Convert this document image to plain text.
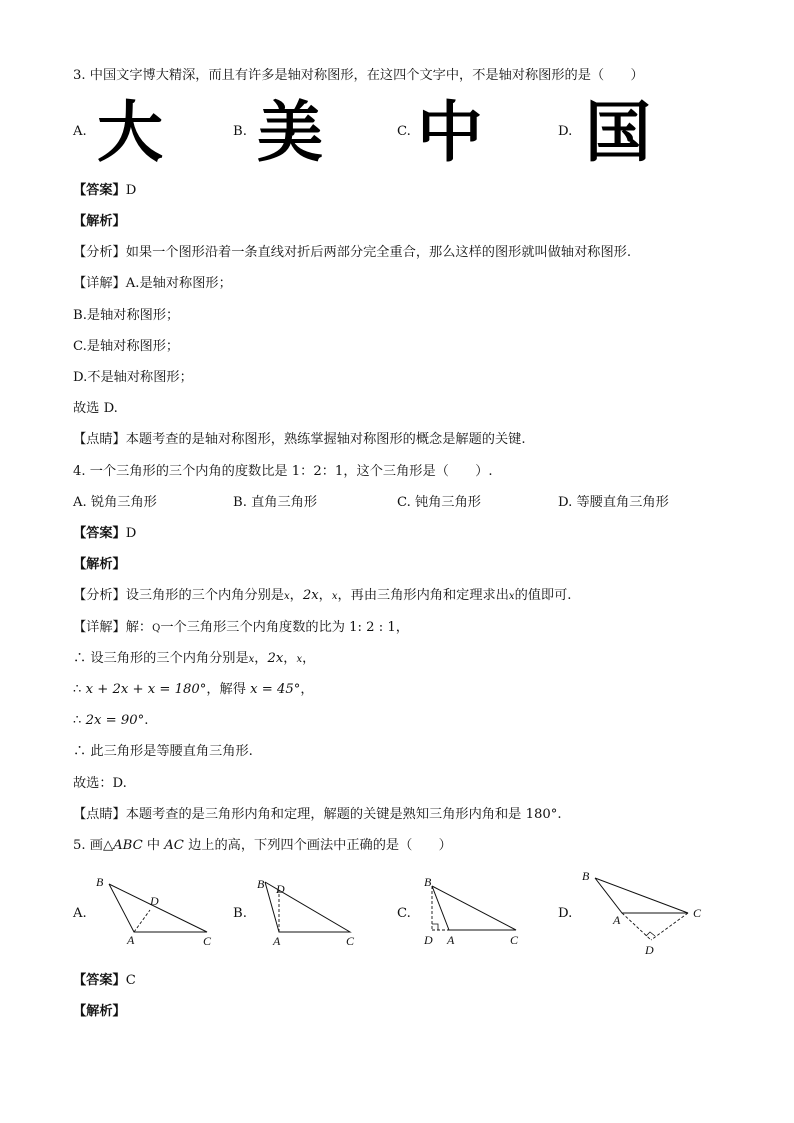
3. 中国文字博大精深，而且有许多是轴对称图形，在这四个文字中，不是轴对称图形的是（　　）
A. 大	B. 美	C. 中	D. 国
【答案】D
【解析】
【分析】如果一个图形沿着一条直线对折后两部分完全重合，那么这样的图形就叫做轴对称图形.
【详解】A.是轴对称图形；
B.是轴对称图形；
C.是轴对称图形；
D.不是轴对称图形；
故选 D.
【点睛】本题考查的是轴对称图形，熟练掌握轴对称图形的概念是解题的关键.
4. 一个三角形的三个内角的度数比是 1：2：1，这个三角形是（　　）.
A. 锐角三角形	B. 直角三角形	C. 钝角三角形	D. 等腰直角三角形
【答案】D
【解析】
【分析】设三角形的三个内角分别是x，2x，x，再由三角形内角和定理求出x的值即可.
【详解】解：Q一个三角形三个内角度数的比为 1: 2 : 1，
∴ 设三角形的三个内角分别是x，2x，x，
∴ x + 2x + x = 180°，解得 x = 45°，
∴ 2x = 90°.
∴ 此三角形是等腰直角三角形.
故选：D.
【点睛】本题考查的是三角形内角和定理，解题的关键是熟知三角形内角和是 180°.
5. 画△ABC 中 AC 边上的高，下列四个画法中正确的是（　　）
A.	B.	C.	D.
B
D
A	C
B D
A	C
B
D A	C
B
A	C
D
【答案】C
【解析】
